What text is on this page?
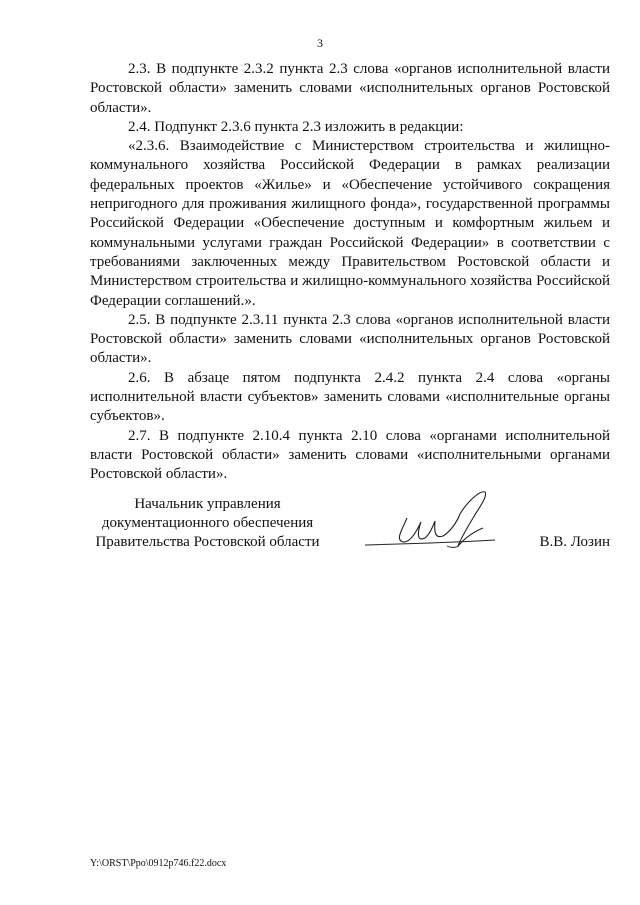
3

2.3. В подпункте 2.3.2 пункта 2.3 слова «органов исполнительной власти Ростовской области» заменить словами «исполнительных органов Ростовской области».

2.4. Подпункт 2.3.6 пункта 2.3 изложить в редакции:

«2.3.6. Взаимодействие с Министерством строительства и жилищно-коммунального хозяйства Российской Федерации в рамках реализации федеральных проектов «Жилье» и «Обеспечение устойчивого сокращения непригодного для проживания жилищного фонда», государственной программы Российской Федерации «Обеспечение доступным и комфортным жильем и коммунальными услугами граждан Российской Федерации» в соответствии с требованиями заключенных между Правительством Ростовской области и Министерством строительства и жилищно-коммунального хозяйства Российской Федерации соглашений.».

2.5. В подпункте 2.3.11 пункта 2.3 слова «органов исполнительной власти Ростовской области» заменить словами «исполнительных органов Ростовской области».

2.6. В абзаце пятом подпункта 2.4.2 пункта 2.4 слова «органы исполнительной власти субъектов» заменить словами «исполнительные органы субъектов».

2.7. В подпункте 2.10.4 пункта 2.10 слова «органами исполнительной власти Ростовской области» заменить словами «исполнительными органами Ростовской области».

Начальник управления
документационного обеспечения
Правительства Ростовской области	В.В. Лозин
Y:\ORST\Ppo\0912p746.f22.docx
